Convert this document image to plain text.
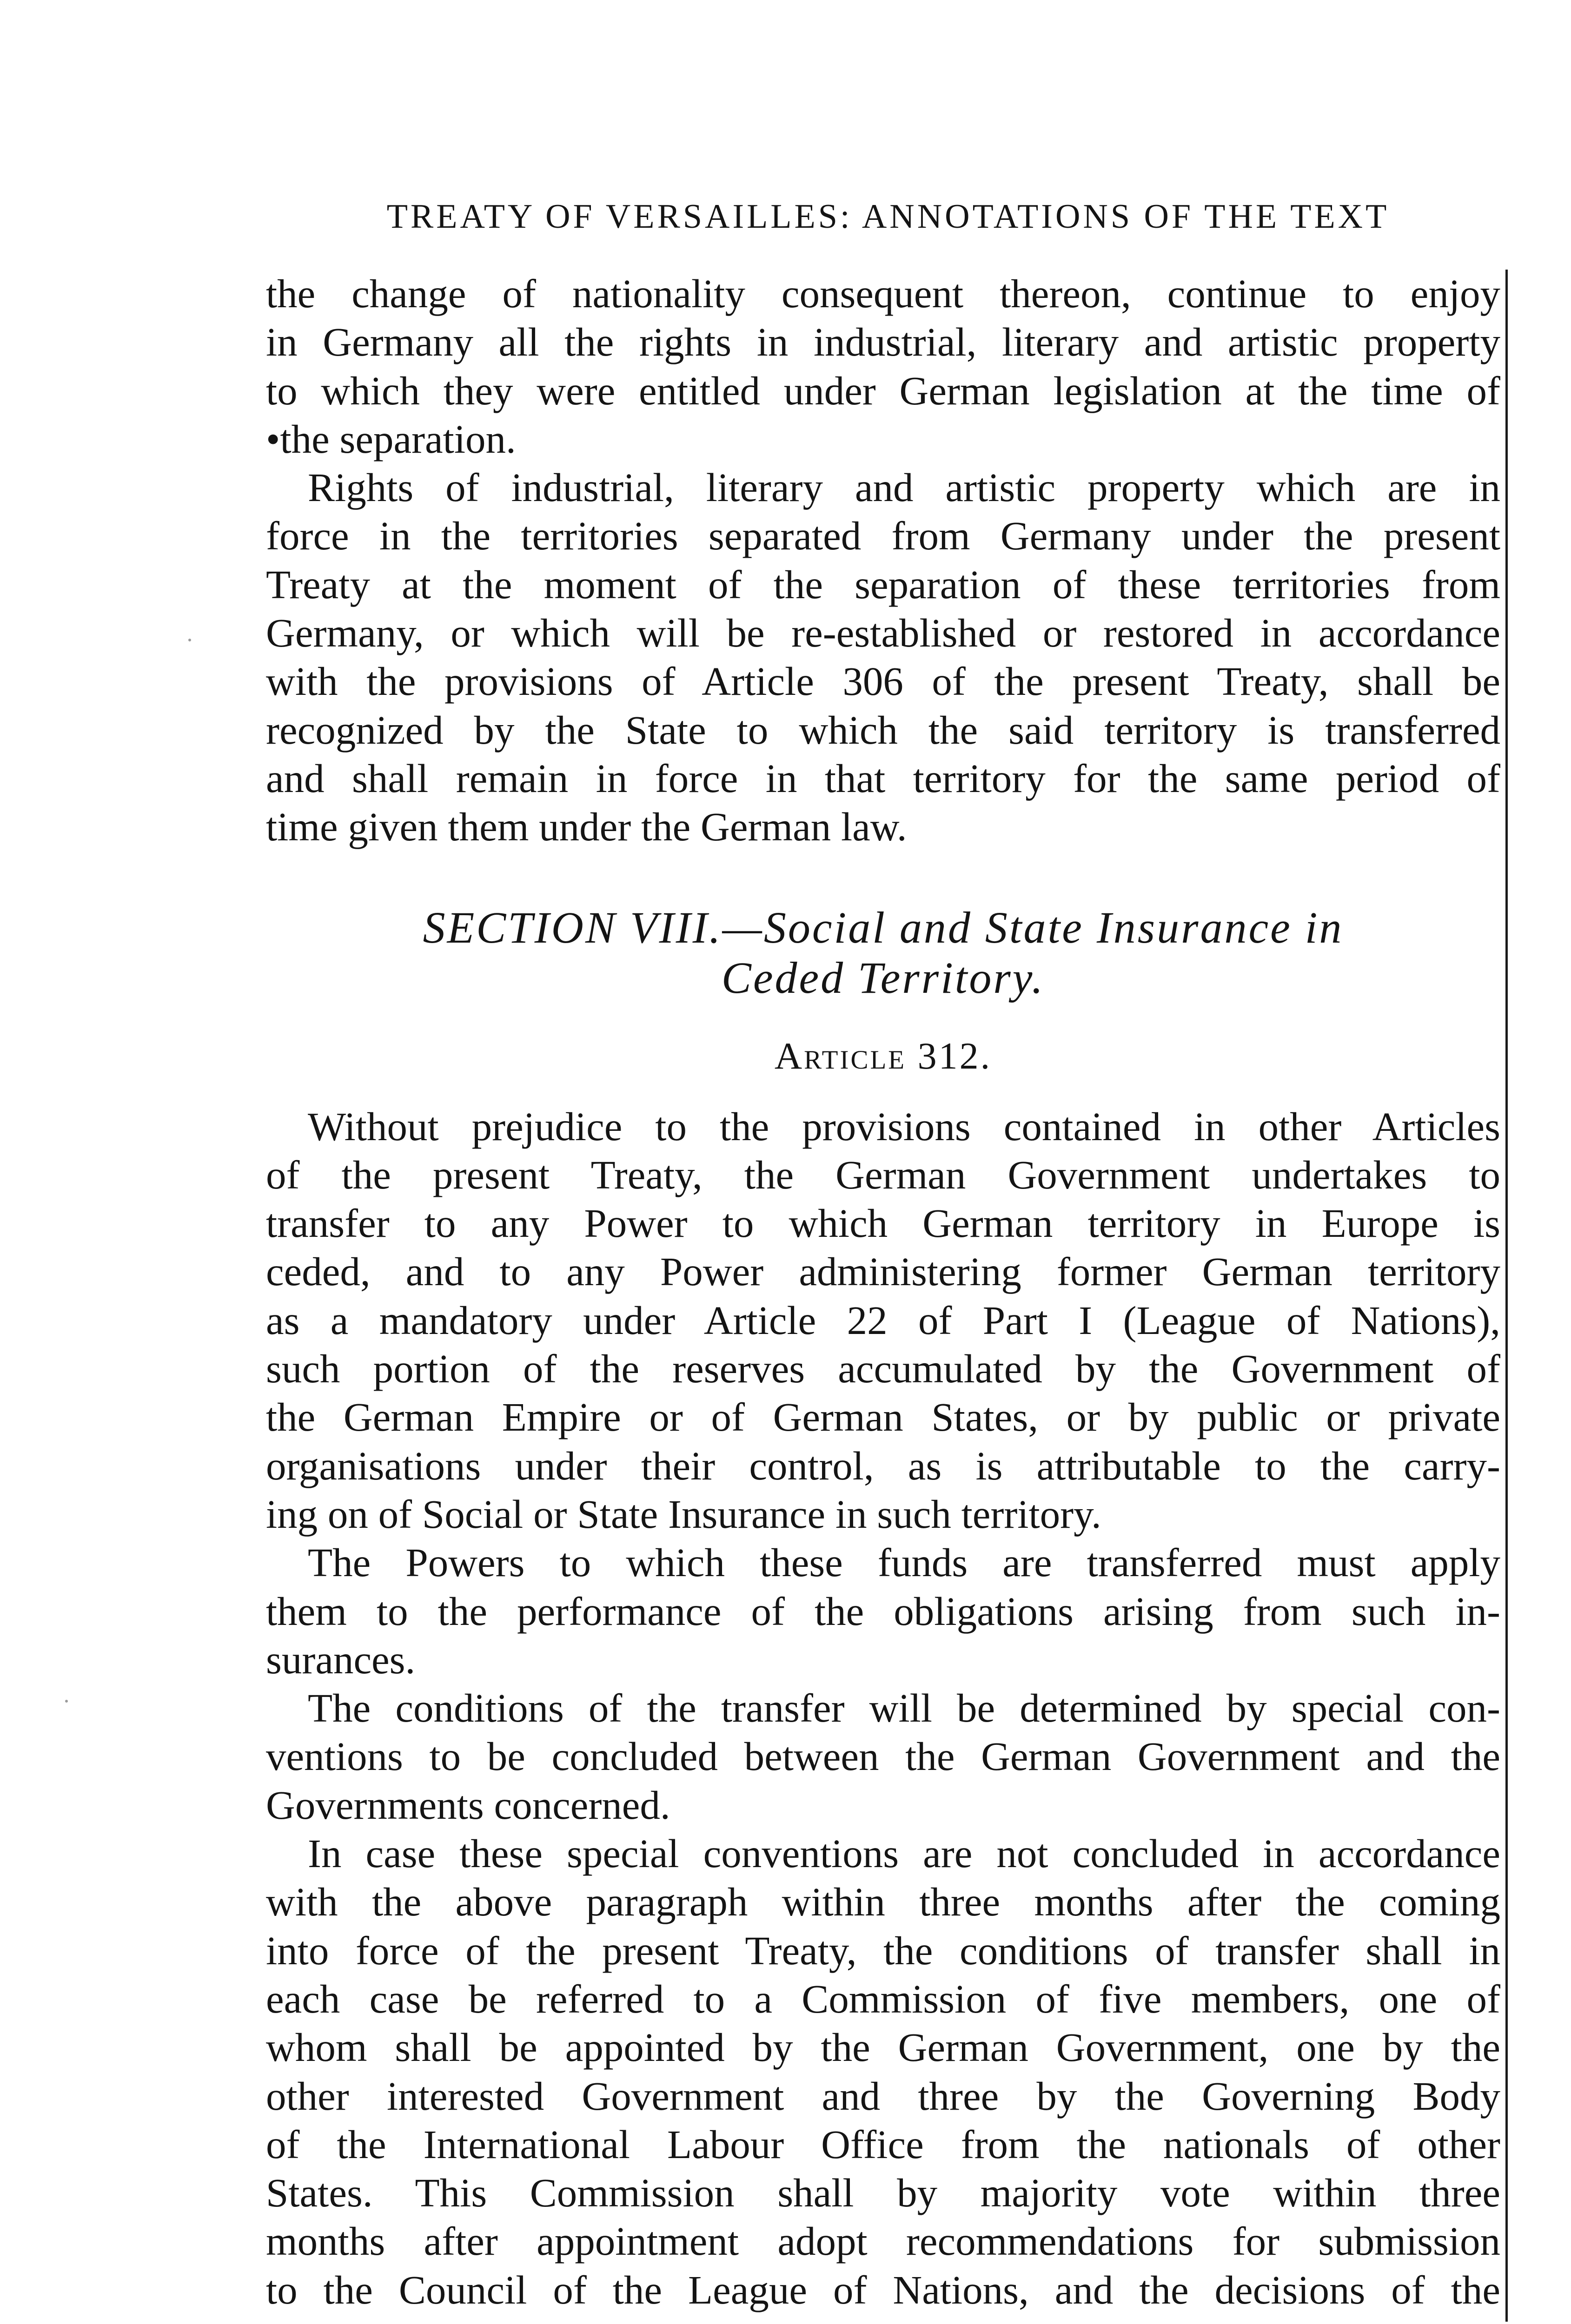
TREATY OF VERSAILLES: ANNOTATIONS OF THE TEXT
the change of nationality consequent thereon, continue to enjoy
in Germany all the rights in industrial, literary and artistic property
to which they were entitled under German legislation at the time of
•the separation.
Rights of industrial, literary and artistic property which are in
force in the territories separated from Germany under the present
Treaty at the moment of the separation of these territories from
Germany, or which will be re-established or restored in accordance
with the provisions of Article 306 of the present Treaty, shall be
recognized by the State to which the said territory is transferred
and shall remain in force in that territory for the same period of
time given them under the German law.
SECTION VIII.—Social and State Insurance in
Ceded Territory.
Article 312.
Without prejudice to the provisions contained in other Articles
of the present Treaty, the German Government undertakes to
transfer to any Power to which German territory in Europe is
ceded, and to any Power administering former German territory
as a mandatory under Article 22 of Part I (League of Nations),
such portion of the reserves accumulated by the Government of
the German Empire or of German States, or by public or private
organisations under their control, as is attributable to the carry-
ing on of Social or State Insurance in such territory.
The Powers to which these funds are transferred must apply
them to the performance of the obligations arising from such in-
surances.
The conditions of the transfer will be determined by special con-
ventions to be concluded between the German Government and the
Governments concerned.
In case these special conventions are not concluded in accordance
with the above paragraph within three months after the coming
into force of the present Treaty, the conditions of transfer shall in
each case be referred to a Commission of five members, one of
whom shall be appointed by the German Government, one by the
other interested Government and three by the Governing Body
of the International Labour Office from the nationals of other
States. This Commission shall by majority vote within three
months after appointment adopt recommendations for submission
to the Council of the League of Nations, and the decisions of the
